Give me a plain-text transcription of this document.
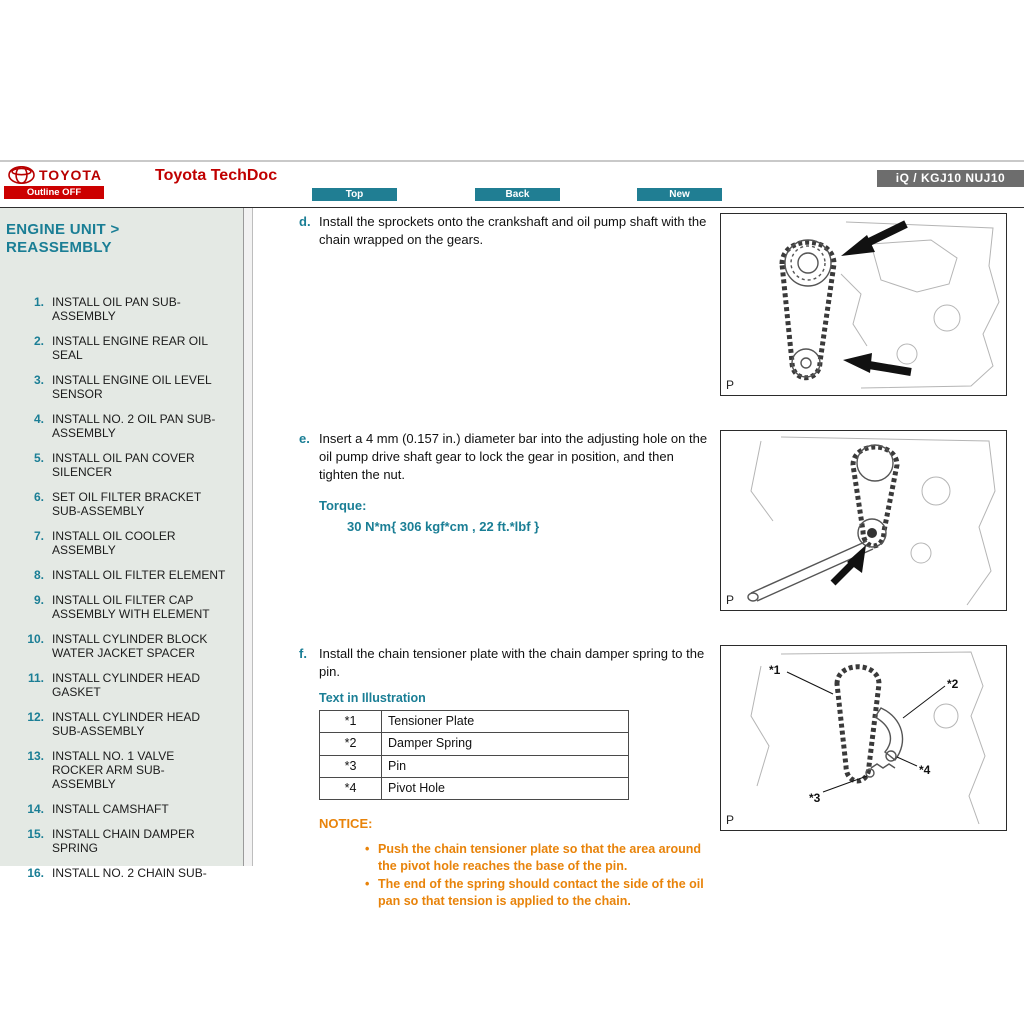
TOYOTA
Outline OFF
Toyota TechDoc
Top	Back	New
iQ / KGJ10 NUJ10
ENGINE UNIT > REASSEMBLY
1. INSTALL OIL PAN SUB-ASSEMBLY
2. INSTALL ENGINE REAR OIL SEAL
3. INSTALL ENGINE OIL LEVEL SENSOR
4. INSTALL NO. 2 OIL PAN SUB-ASSEMBLY
5. INSTALL OIL PAN COVER SILENCER
6. SET OIL FILTER BRACKET SUB-ASSEMBLY
7. INSTALL OIL COOLER ASSEMBLY
8. INSTALL OIL FILTER ELEMENT
9. INSTALL OIL FILTER CAP ASSEMBLY WITH ELEMENT
10. INSTALL CYLINDER BLOCK WATER JACKET SPACER
11. INSTALL CYLINDER HEAD GASKET
12. INSTALL CYLINDER HEAD SUB-ASSEMBLY
13. INSTALL NO. 1 VALVE ROCKER ARM SUB-ASSEMBLY
14. INSTALL CAMSHAFT
15. INSTALL CHAIN DAMPER SPRING
16. INSTALL NO. 2 CHAIN SUB-
d. Install the sprockets onto the crankshaft and oil pump shaft with the chain wrapped on the gears.

P
e. Insert a 4 mm (0.157 in.) diameter bar into the adjusting hole on the oil pump drive shaft gear to lock the gear in position, and then tighten the nut.

Torque:
30 N*m{ 306 kgf*cm , 22 ft.*lbf }
P
f. Install the chain tensioner plate with the chain damper spring to the pin.

Text in Illustration
*1	Tensioner Plate
*2	Damper Spring
*3	Pin
*4	Pivot Hole
NOTICE:
• Push the chain tensioner plate so that the area around the pivot hole reaches the base of the pin.
• The end of the spring should contact the side of the oil pan so that tension is applied to the chain.
*1
*2
*3
*4
P
